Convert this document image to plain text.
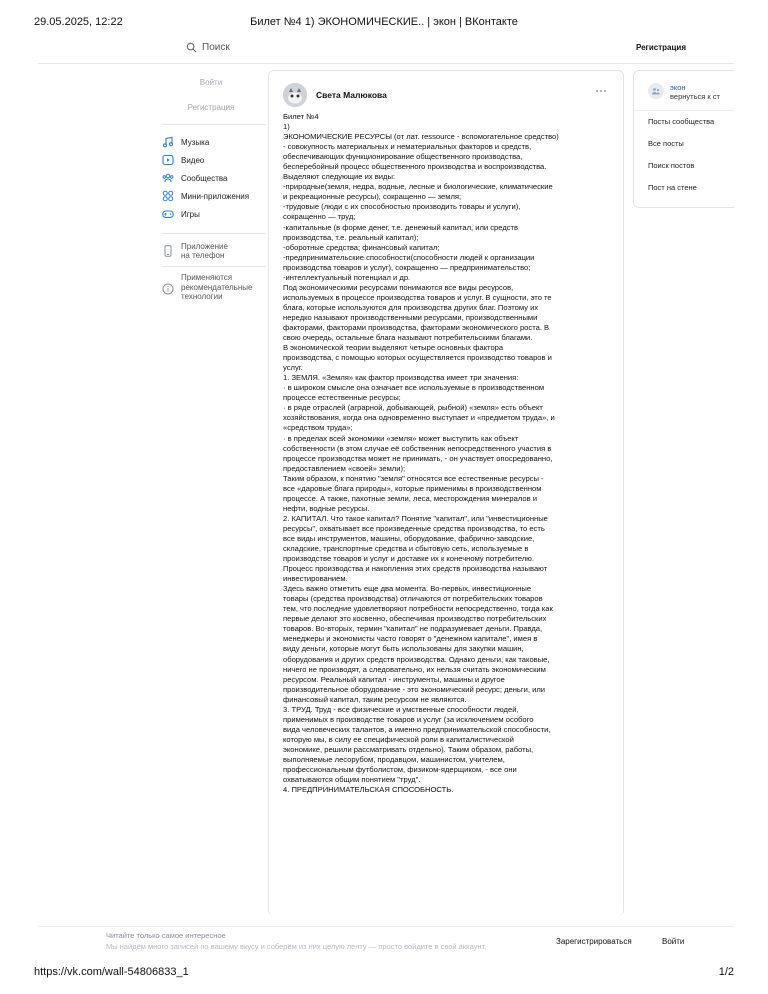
29.05.2025, 12:22	Билет №4 1) ЭКОНОМИЧЕСКИЕ.. | экон | ВКонтакте
Поиск	Регистрация
Войти
Регистрация
Музыка
Видео
Сообщества
Мини-приложения
Игры
Приложение на телефон
Применяются рекомендательные технологии
Света Малюкова
Билет №4
1)
ЭКОНОМИЧЕСКИЕ РЕСУРСЫ (от лат. ressource - вспомогательное средство)
- совокупность материальных и нематериальных факторов и средств,
обеспечивающих функционирование общественного производства,
бесперебойный процесс общественного производства и воспроизводства.
Выделяют следующие их виды:
-природные(земля, недра, водные, лесные и биологические, климатические
и рекреационные ресурсы), сокращенно — земля;
-трудовые (люди с их способностью производить товары и услуги),
сокращенно — труд;
-капитальные (в форме денег, т.е. денежный капитал, или средств
производства, т.е. реальный капитал);
-оборотные средства; финансовый капитал;
-предпринимательские способности(способности людей к организации
производства товаров и услуг), сокращенно — предпринимательство;
-интеллектуальный потенциал и др.
Под экономическими ресурсами понимаются все виды ресурсов,
используемых в процессе производства товаров и услуг. В сущности, это те
блага, которые используются для производства других благ. Поэтому их
нередко называют производственными ресурсами, производственными
факторами, факторами производства, факторами экономического роста. В
свою очередь, остальные блага называют потребительскими благами.
В экономической теории выделяют четыре основных фактора
производства, с помощью которых осуществляется производство товаров и
услуг.
1. ЗЕМЛЯ. «Земля» как фактор производства имеет три значения:
· в широком смысле она означает все используемые в производственном
процессе естественные ресурсы;
· в ряде отраслей (аграрной, добывающей, рыбной) «земля» есть объект
хозяйствования, когда она одновременно выступает и «предметом труда», и
«средством труда»;
· в пределах всей экономики «земля» может выступить как объект
собственности (в этом случае её собственник непосредственного участия в
процессе производства может не принимать, - он участвует опосредованно,
предоставлением «своей» земли);
Таким образом, к понятию "земля" относятся все естественные ресурсы -
все «даровые блага природы», которые применимы в производственном
процессе. А также, пахотные земли, леса, месторождения минералов и
нефти, водные ресурсы.
2. КАПИТАЛ. Что такое капитал? Понятие "капитал", или "инвестиционные
ресурсы", охватывает все произведенные средства производства, то есть
все виды инструментов, машины, оборудование, фабрично-заводские,
складские, транспортные средства и сбытовую сеть, используемые в
производстве товаров и услуг и доставке их к конечному потребителю.
Процесс производства и накопления этих средств производства называют
инвестированием.
Здесь важно отметить еще два момента. Во-первых, инвестиционные
товары (средства производства) отличаются от потребительских товаров
тем, что последние удовлетворяют потребности непосредственно, тогда как
первые делают это косвенно, обеспечивая производство потребительских
товаров. Во-вторых, термин "капитал" не подразумевает деньги. Правда,
менеджеры и экономисты часто говорят о "денежном капитале", имея в
виду деньги, которые могут быть использованы для закупки машин,
оборудования и других средств производства. Однако деньги, как таковые,
ничего не производят, а следовательно, их нельзя считать экономическим
ресурсом. Реальный капитал - инструменты, машины и другое
производительное оборудование - это экономический ресурс; деньги, или
финансовый капитал, таким ресурсом не являются.
3. ТРУД. Труд - все физические и умственные способности людей,
применимых в производстве товаров и услуг (за исключением особого
вида человеческих талантов, а именно предпринимательской способности,
которую мы, в силу ее специфической роли в капиталистической
экономике, решили рассматривать отдельно). Таким образом, работы,
выполняемые лесорубом, продавцом, машинистом, учителем,
профессиональным футболистом, физиком-ядерщиком, - все они
охватываются общим понятием "труд".
4. ПРЕДПРИНИМАТЕЛЬСКАЯ СПОСОБНОСТЬ.
экон
вернуться к ст
Посты сообщества
Все посты
Поиск постов
Пост на стене
Читайте только самое интересное
Мы найдём много записей по вашему вкусу и соберём из них целую ленту — просто войдите в свой аккаунт.
Зарегистрироваться	Войти
https://vk.com/wall-54806833_1	1/2
